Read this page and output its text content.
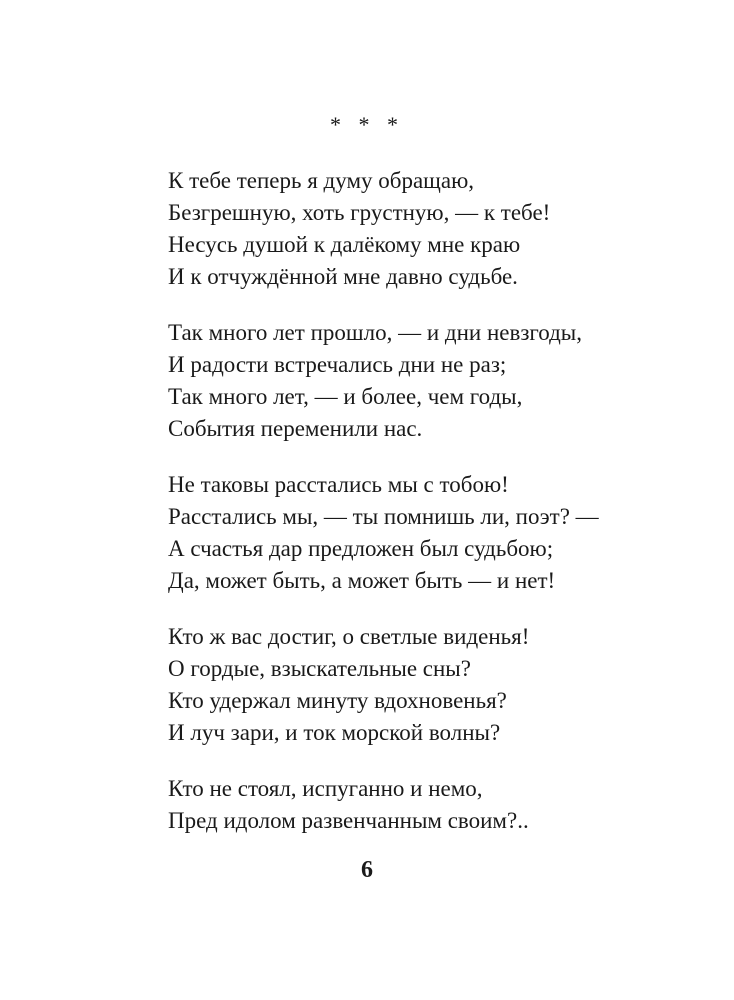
* * *
К тебе теперь я думу обращаю,
Безгрешную, хоть грустную, — к тебе!
Несусь душой к далёкому мне краю
И к отчуждённой мне давно судьбе.
Так много лет прошло, — и дни невзгоды,
И радости встречались дни не раз;
Так много лет, — и более, чем годы,
События переменили нас.
Не таковы расстались мы с тобою!
Расстались мы, — ты помнишь ли, поэт? —
А счастья дар предложен был судьбою;
Да, может быть, а может быть — и нет!
Кто ж вас достиг, о светлые виденья!
О гордые, взыскательные сны?
Кто удержал минуту вдохновенья?
И луч зари, и ток морской волны?
Кто не стоял, испуганно и немо,
Пред идолом развенчанным своим?..
6
